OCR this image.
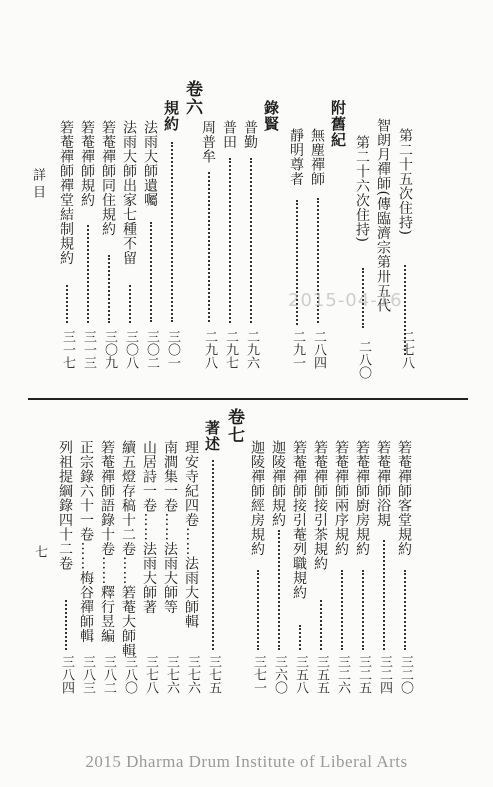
第二十五次住持)
二七八
智朗月禪師(傳臨濟宗第卅五代
第二十六次住持)
二八〇
附舊紀
無塵禪師
二八四
靜明尊者
二九一
錄賢
普勤
二九六
普田
二九七
周普牟
二九八
卷六
規約
三〇一
法雨大師遺囑
三〇二
法雨大師出家七種不留
三〇八
箬菴禪師同住規約
三〇九
箬菴禪師規約
三一三
箬菴禪師禪堂結制規約
三一七
詳 目
2015-04-16
箬菴禪師客堂規約
三二〇
箬菴禪師浴規
三二四
箬菴禪師廚房規約
三二五
箬菴禪師兩序規約
三二六
箬菴禪師接引茶規約
三五五
箬菴禪師接引菴列職規約
三五八
迦陵禪師規約
三六〇
迦陵禪師經房規約
三七一
卷七
著述
三七五
理安寺紀四卷……法雨大師輯
三七六
南澗集一卷……法雨大師等
三七六
山居詩一卷……法雨大師著
三七八
續五燈存稿十二卷……箬菴大師輯
三八〇
箬菴禪師語錄十卷……釋行昱編
三八二
正宗錄六十一卷……梅谷禪師輯
三八三
列祖提綱錄四十二卷
三八四
七
2015 Dharma Drum Institute of Liberal Arts
